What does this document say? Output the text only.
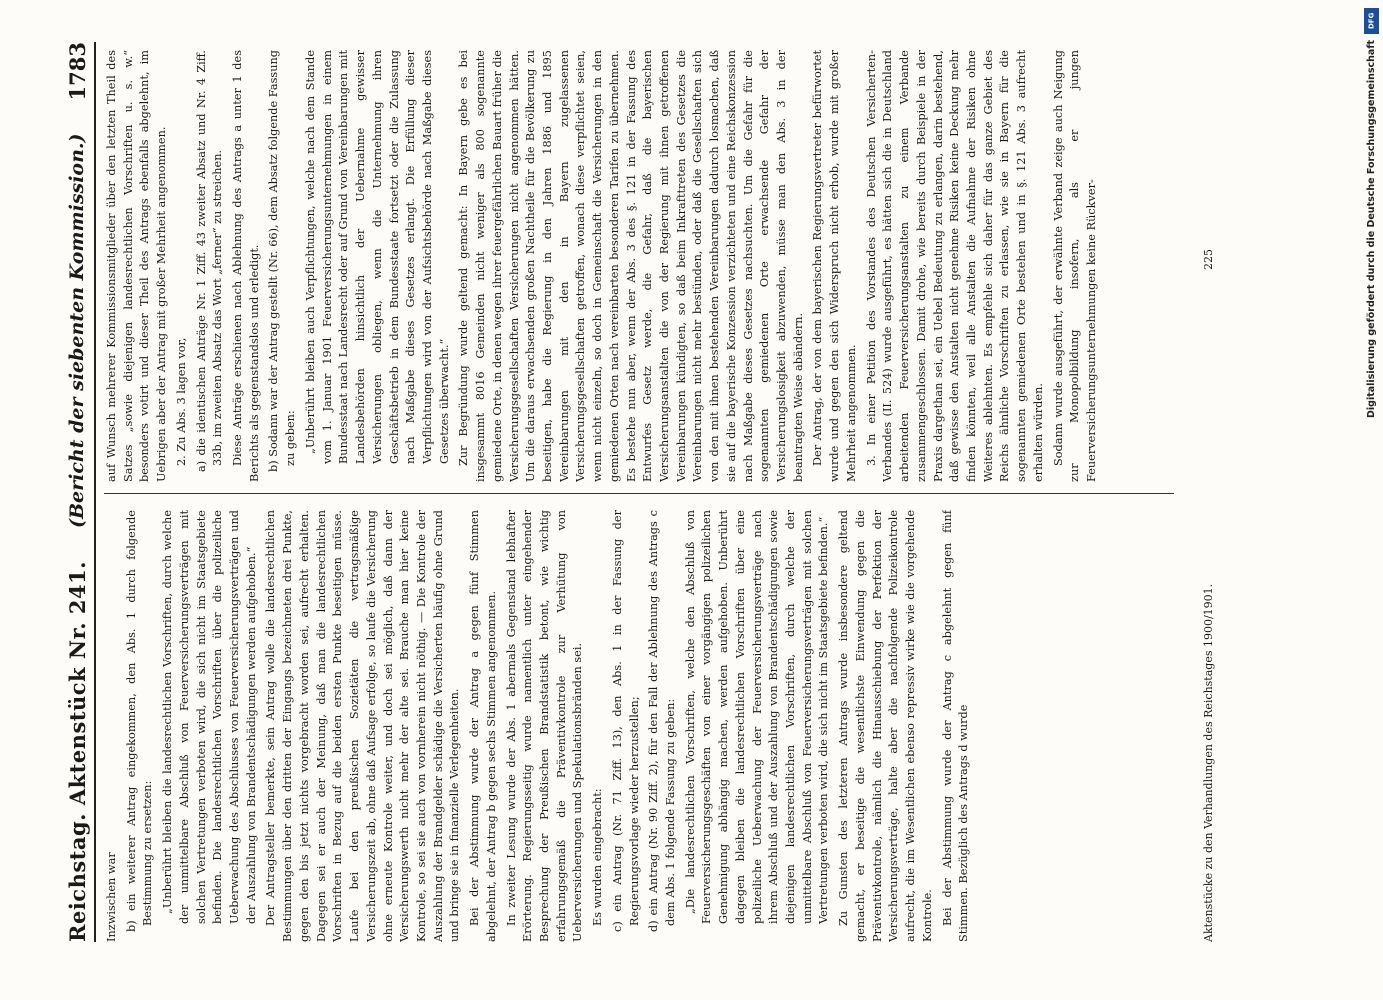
Reichstag. Aktenstück Nr. 241.
(Bericht der siebenten Kommission.)
1783

Inzwischen war b) ein weiterer Antrag eingekommen, den Abs. 1 durch folgende Bestimmung zu ersetzen: „Unberührt bleiben die landesrechtlichen Vorschriften, durch welche der unmittelbare Abschluß von Feuerversicherungsverträgen mit solchen Vertretungen verboten wird, die sich nicht im Staatsgebiete befinden. Die landesrechtlichen Vorschriften über die polizeiliche Ueberwachung des Abschlusses von Feuerversicherungsverträgen und der Auszahlung von Brandentschädigungen werden aufgehoben.“ Der Antragsteller bemerkte, sein Antrag wolle die landesrechtlichen Bestimmungen über den dritten der Eingangs bezeichneten drei Punkte, gegen den bis jetzt nichts vorgebracht worden sei, aufrecht erhalten. Dagegen sei er auch der Meinung, daß man die landesrechtlichen Vorschriften in Bezug auf die beiden ersten Punkte beseitigen müsse. Laufe bei den preußischen Sozietäten die vertragsmäßige Versicherungszeit ab, ohne daß Aufsage erfolge, so laufe die Versicherung ohne erneute Kontrole weiter, und doch sei möglich, daß dann der Versicherungswerth nicht mehr der alte sei. Brauche man hier keine Kontrole, so sei sie auch von vornherein nicht nöthig. — Die Kontrole der Auszahlung der Brandgelder schädige die Versicherten häufig ohne Grund und bringe sie in finanzielle Verlegenheiten. Bei der Abstimmung wurde der Antrag a gegen fünf Stimmen abgelehnt, der Antrag b gegen sechs Stimmen angenommen. In zweiter Lesung wurde der Abs. 1 abermals Gegenstand lebhafter Erörterung. Regierungsseitig wurde namentlich unter eingehender Besprechung der Preußischen Brandstatistik betont, wie wichtig erfahrungsgemäß die Präventivkontrole zur Verhütung von Ueberversicherungen und Spekulationsbränden sei. Es wurden eingebracht: c) ein Antrag (Nr. 71 Ziff. 13), den Abs. 1 in der Fassung der Regierungsvorlage wieder herzustellen; d) ein Antrag (Nr. 90 Ziff. 2), für den Fall der Ablehnung des Antrags c dem Abs. 1 folgende Fassung zu geben: „Die landesrechtlichen Vorschriften, welche den Abschluß von Feuerversicherungsgeschäften von einer vorgängigen polizeilichen Genehmigung abhängig machen, werden aufgehoben. Unberührt dagegen bleiben die landesrechtlichen Vorschriften über eine polizeiliche Ueberwachung der Feuerversicherungsverträge nach ihrem Abschluß und der Auszahlung von Brandentschädigungen sowie diejenigen landesrechtlichen Vorschriften, durch welche der unmittelbare Abschluß von Feuerversicherungsverträgen mit solchen Vertretungen verboten wird, die sich nicht im Staatsgebiete befinden.“ Zu Gunsten des letzteren Antrags wurde insbesondere geltend gemacht, er beseitige die wesentlichste Einwendung gegen die Präventivkontrole, nämlich die Hinausschiebung der Perfektion der Versicherungsverträge, halte aber die nachfolgende Polizeikontrole aufrecht, die im Wesentlichen ebenso repressiv wirke wie die vorgehende Kontrole. Bei der Abstimmung wurde der Antrag c abgelehnt gegen fünf Stimmen. Bezüglich des Antrags d wurde

auf Wunsch mehrerer Kommissionsmitglieder über den letzten Theil des Satzes „sowie diejenigen landesrechtlichen Vorschriften u. s. w.“ besonders votirt und dieser Theil des Antrags ebenfalls abgelehnt, im Uebrigen aber der Antrag mit großer Mehrheit angenommen. 2. Zu Abs. 3 lagen vor, a) die identischen Anträge Nr. 1 Ziff. 43 zweiter Absatz und Nr. 4 Ziff. 33b, im zweiten Absatz das Wort „ferner“ zu streichen. Diese Anträge erschienen nach Ablehnung des Antrags a unter 1 des Berichts als gegenstandslos und erledigt. b) Sodann war der Antrag gestellt (Nr. 66), dem Absatz folgende Fassung zu geben: „Unberührt bleiben auch Verpflichtungen, welche nach dem Stande vom 1. Januar 1901 Feuerversicherungsunternehmungen in einem Bundesstaat nach Landesrecht oder auf Grund von Vereinbarungen mit Landesbehörden hinsichtlich der Uebernahme gewisser Versicherungen obliegen, wenn die Unternehmung ihren Geschäftsbetrieb in dem Bundesstaate fortsetzt oder die Zulassung nach Maßgabe dieses Gesetzes erlangt. Die Erfüllung dieser Verpflichtungen wird von der Aufsichtsbehörde nach Maßgabe dieses Gesetzes überwacht.“ Zur Begründung wurde geltend gemacht: In Bayern gebe es bei insgesammt 8016 Gemeinden nicht weniger als 800 sogenannte gemiedene Orte, in denen wegen ihrer feuergefährlichen Bauart früher die Versicherungsgesellschaften Versicherungen nicht angenommen hätten. Um die daraus erwachsenden großen Nachtheile für die Bevölkerung zu beseitigen, habe die Regierung in den Jahren 1886 und 1895 Vereinbarungen mit den in Bayern zugelassenen Versicherungsgesellschaften getroffen, wonach diese verpflichtet seien, wenn nicht einzeln, so doch in Gemeinschaft die Versicherungen in den gemiedenen Orten nach vereinbarten besonderen Tarifen zu übernehmen. Es bestehe nun aber, wenn der Abs. 3 des §. 121 in der Fassung des Entwurfes Gesetz werde, die Gefahr, daß die bayerischen Versicherungsanstalten die von der Regierung mit ihnen getroffenen Vereinbarungen kündigten, so daß beim Inkrafttreten des Gesetzes die Vereinbarungen nicht mehr bestünden, oder daß die Gesellschaften sich von den mit ihnen bestehenden Vereinbarungen dadurch losmachen, daß sie auf die bayerische Konzession verzichteten und eine Reichskonzession nach Maßgabe dieses Gesetzes nachsuchten. Um die Gefahr für die sogenannten gemiedenen Orte erwachsende Gefahr der Versicherungslosigkeit abzuwenden, müsse man den Abs. 3 in der beantragten Weise abändern. Der Antrag, der von dem bayerischen Regierungsvertreter befürwortet wurde und gegen den sich Widerspruch nicht erhob, wurde mit großer Mehrheit angenommen. 3. In einer Petition des Vorstandes des Deutschen Versicherten-Verbandes (II. 524) wurde ausgeführt, es hätten sich die in Deutschland arbeitenden Feuerversicherungsanstalten zu einem Verbande zusammengeschlossen. Damit drohe, wie bereits durch Beispiele in der Praxis dargethan sei, ein Uebel Bedeutung zu erlangen, darin bestehend, daß gewisse den Anstalten nicht genehme Risiken keine Deckung mehr finden könnten, weil alle Anstalten die Aufnahme der Risiken ohne Weiteres ablehnten. Es empfehle sich daher für das ganze Gebiet des Reichs ähnliche Vorschriften zu erlassen, wie sie in Bayern für die sogenannten gemiedenen Orte bestehen und in §. 121 Abs. 3 aufrecht erhalten würden. Sodann wurde ausgeführt, der erwähnte Verband zeige auch Neigung zur Monopolbildung insofern, als er jungen Feuerversicherungsunternehmungen keine Rückver-

Aktenstücke zu den Verhandlungen des Reichstages 1900/1901.
225
DFG
Digitalisierung gefördert durch die Deutsche Forschungsgemeinschaft
